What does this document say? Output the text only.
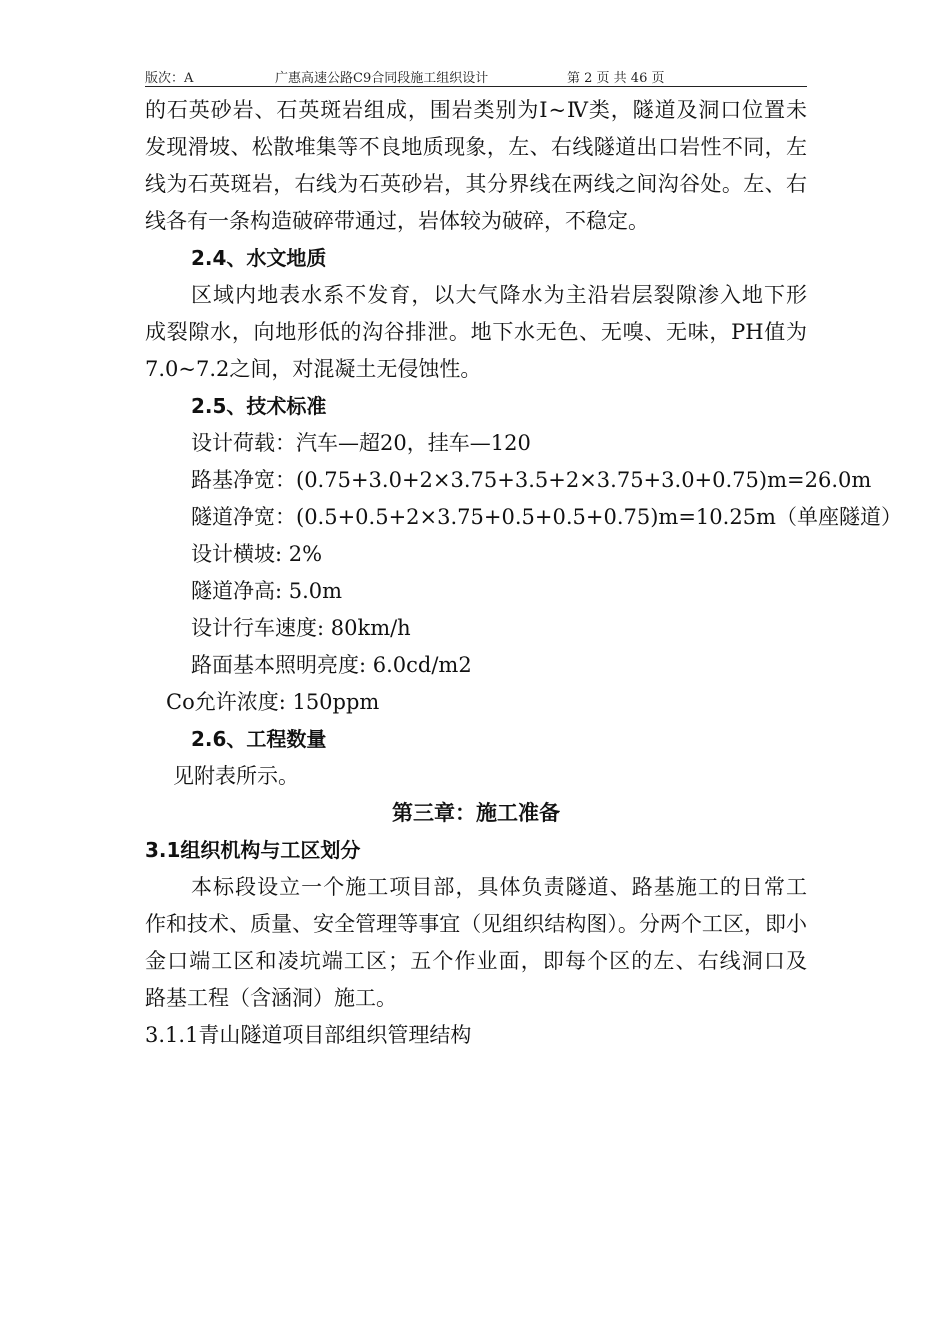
版次：A	广惠高速公路C9合同段施工组织设计	第 2 页 共 46 页
的石英砂岩、石英斑岩组成，围岩类别为Ⅰ~Ⅳ类，隧道及洞口位置未
发现滑坡、松散堆集等不良地质现象，左、右线隧道出口岩性不同，左
线为石英斑岩，右线为石英砂岩，其分界线在两线之间沟谷处。左、右
线各有一条构造破碎带通过，岩体较为破碎，不稳定。
2.4、水文地质
区域内地表水系不发育，以大气降水为主沿岩层裂隙渗入地下形
成裂隙水，向地形低的沟谷排泄。地下水无色、无嗅、无味，PH值为
7.0~7.2之间，对混凝土无侵蚀性。
2.5、技术标准
设计荷载：汽车—超20，挂车—120
路基净宽：(0.75+3.0+2×3.75+3.5+2×3.75+3.0+0.75)m=26.0m
隧道净宽：(0.5+0.5+2×3.75+0.5+0.5+0.75)m=10.25m（单座隧道）
设计横坡: 2%
隧道净高: 5.0m
设计行车速度: 80km/h
路面基本照明亮度: 6.0cd/m2
Co允许浓度: 150ppm
2.6、工程数量
见附表所示。
第三章：施工准备
3.1组织机构与工区划分
本标段设立一个施工项目部，具体负责隧道、路基施工的日常工
作和技术、质量、安全管理等事宜（见组织结构图）。分两个工区，即小
金口端工区和凌坑端工区；五个作业面，即每个区的左、右线洞口及
路基工程（含涵洞）施工。
3.1.1青山隧道项目部组织管理结构
